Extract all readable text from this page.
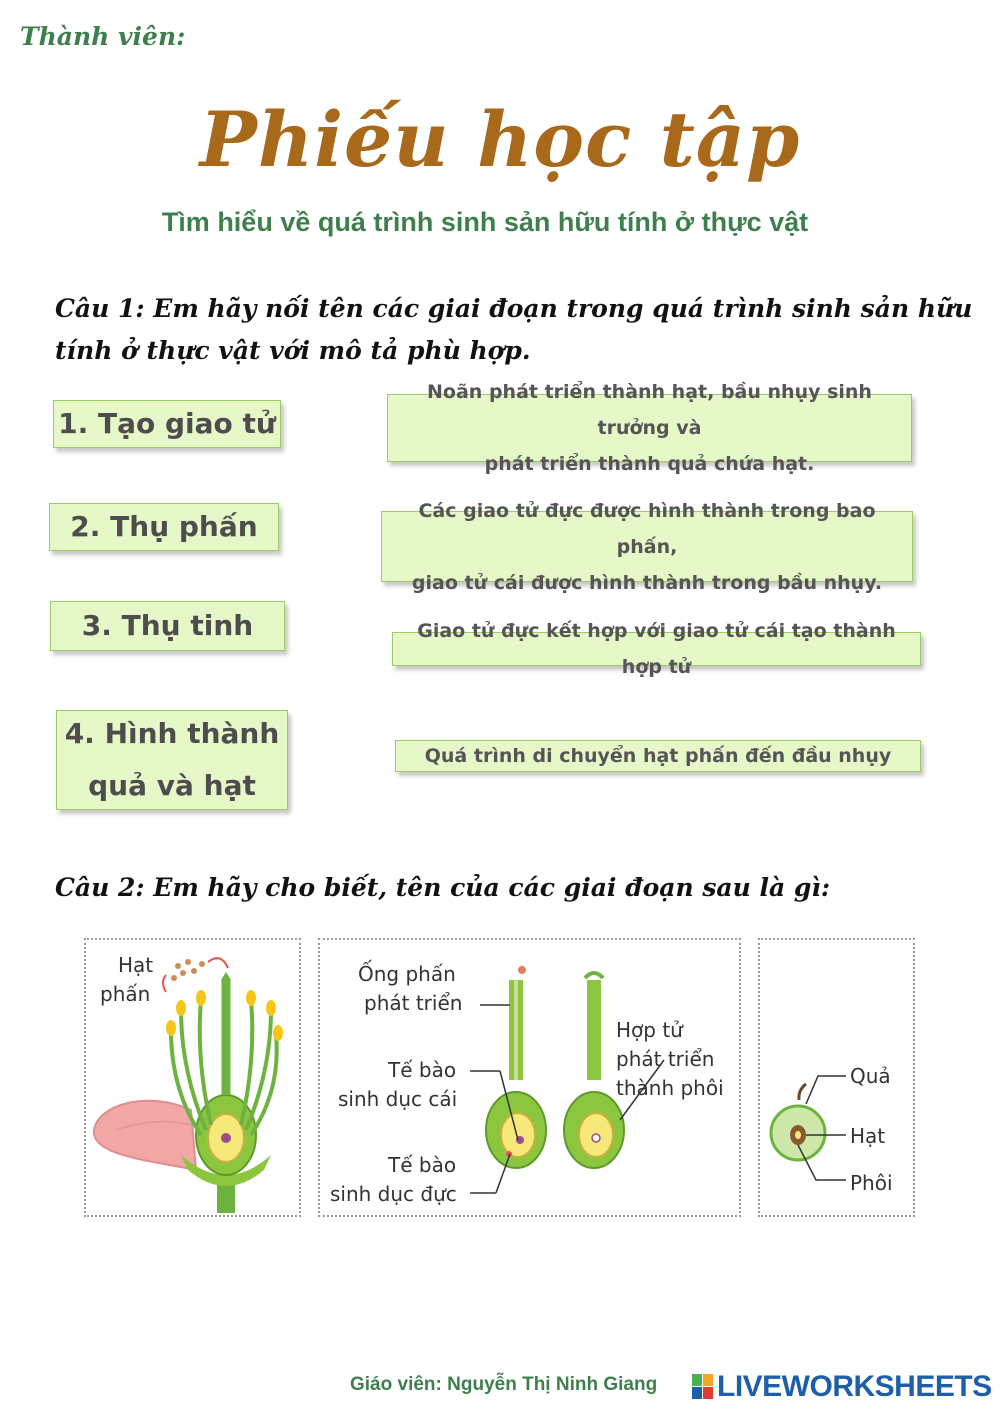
Thành viên:
Phiếu học tập
Tìm hiểu về quá trình sinh sản hữu tính ở thực vật
Câu 1: Em hãy nối tên các giai đoạn trong quá trình sinh sản hữu
tính ở thực vật với mô tả phù hợp.
1. Tạo giao tử
2. Thụ phấn
3. Thụ tinh
4. Hình thành
quả và hạt
Noãn phát triển thành hạt, bầu nhụy sinh trưởng và
phát triển thành quả chứa hạt.
Các giao tử đực được hình thành trong bao phấn,
giao tử cái được hình thành trong bầu nhụy.
Giao tử đực kết hợp với giao tử cái tạo thành hợp tử
Quá trình di chuyển hạt phấn đến đầu nhụy
Câu 2: Em hãy cho biết, tên của các giai đoạn sau là gì:
Hạt
phấn
Ống phấn
phát triển
Tế bào
sinh dục cái
Tế bào
sinh dục đực
Hợp tử
phát triển
thành phôi	Quả
Hạt
Phôi
Giáo viên: Nguyễn Thị Ninh Giang LIVEWORKSHEETS
